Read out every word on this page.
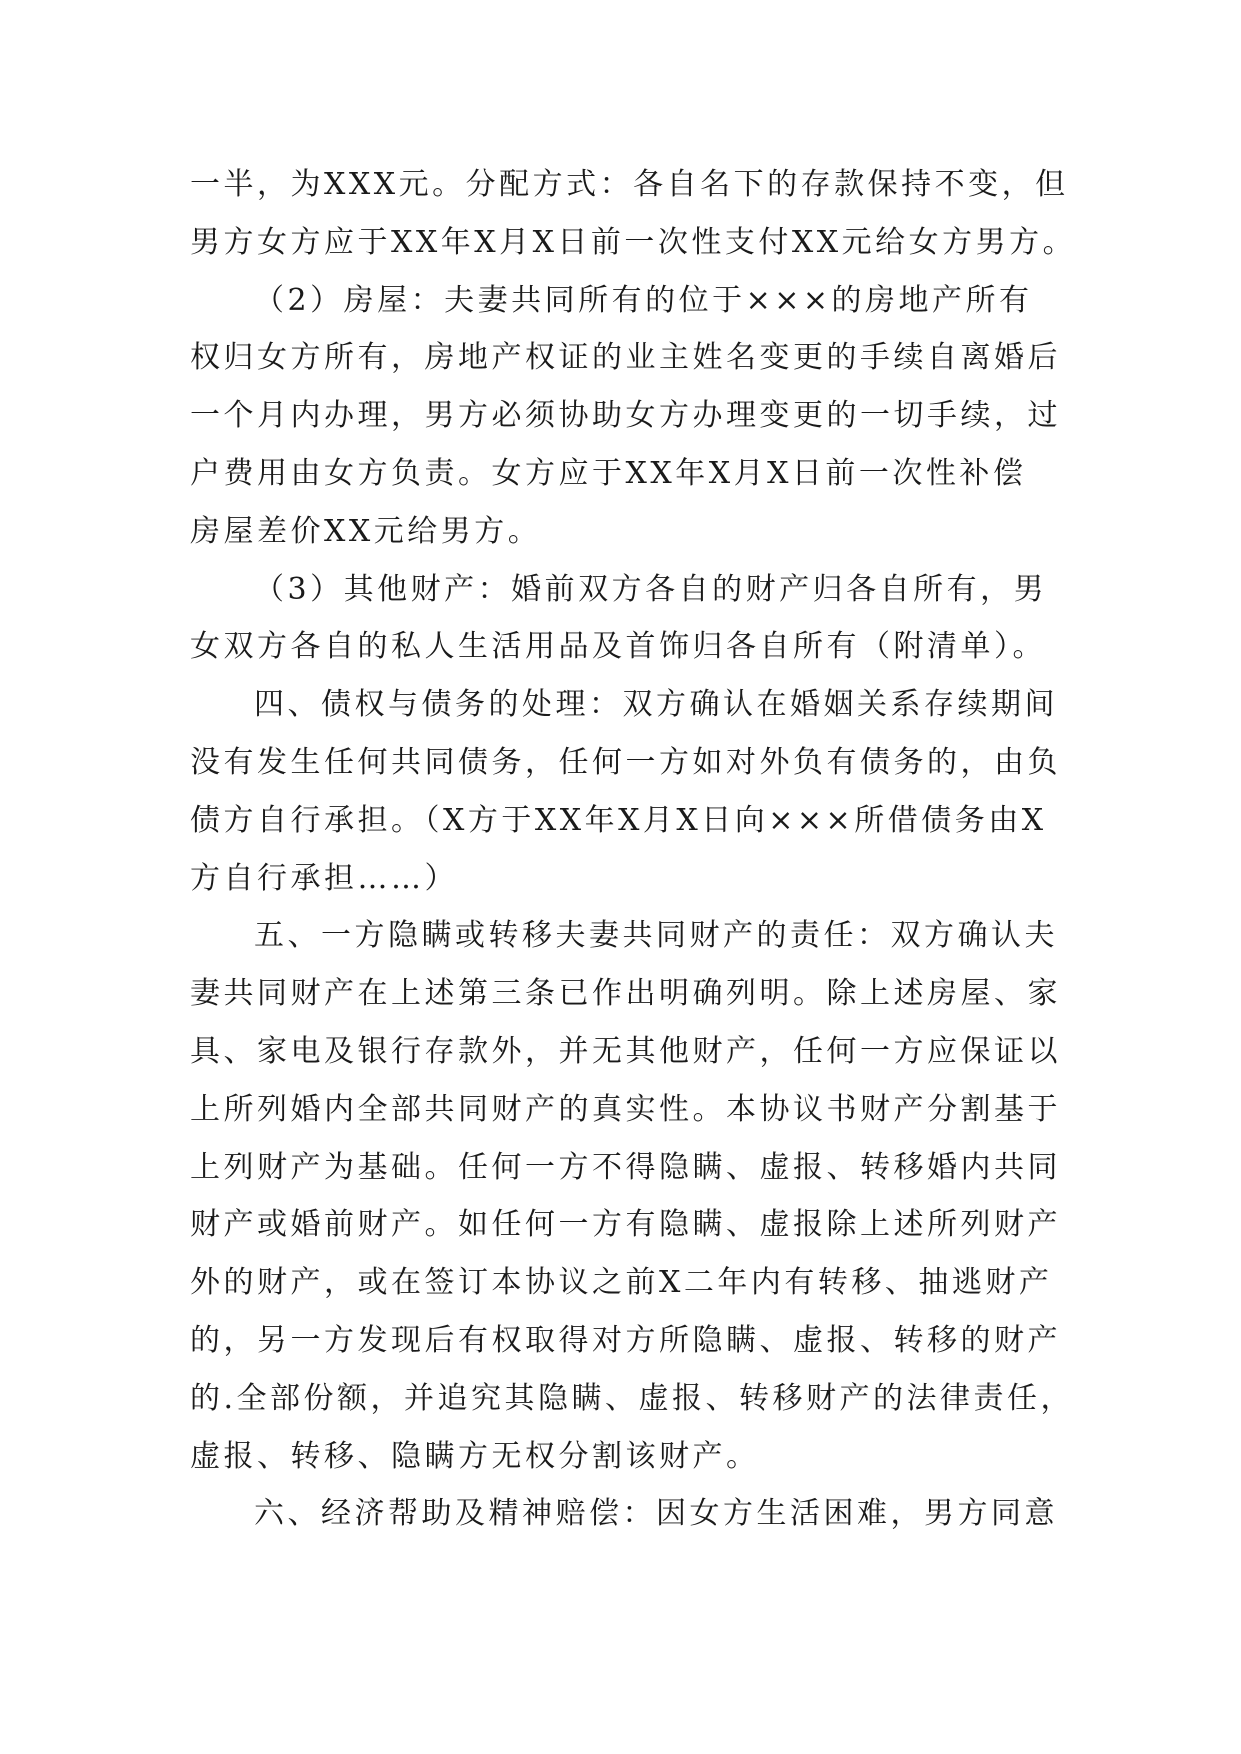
一半，为XXX元。分配方式：各自名下的存款保持不变，但
男方女方应于XX年X月X日前一次性支付XX元给女方男方。
（2）房屋：夫妻共同所有的位于×××的房地产所有
权归女方所有，房地产权证的业主姓名变更的手续自离婚后
一个月内办理，男方必须协助女方办理变更的一切手续，过
户费用由女方负责。女方应于XX年X月X日前一次性补偿
房屋差价XX元给男方。
（3）其他财产：婚前双方各自的财产归各自所有，男
女双方各自的私人生活用品及首饰归各自所有（附清单）。
四、债权与债务的处理：双方确认在婚姻关系存续期间
没有发生任何共同债务，任何一方如对外负有债务的，由负
债方自行承担。（X方于XX年X月X日向×××所借债务由X
方自行承担……）
五、一方隐瞒或转移夫妻共同财产的责任：双方确认夫
妻共同财产在上述第三条已作出明确列明。除上述房屋、家
具、家电及银行存款外，并无其他财产，任何一方应保证以
上所列婚内全部共同财产的真实性。本协议书财产分割基于
上列财产为基础。任何一方不得隐瞒、虚报、转移婚内共同
财产或婚前财产。如任何一方有隐瞒、虚报除上述所列财产
外的财产，或在签订本协议之前X二年内有转移、抽逃财产
的，另一方发现后有权取得对方所隐瞒、虚报、转移的财产
的.全部份额，并追究其隐瞒、虚报、转移财产的法律责任，
虚报、转移、隐瞒方无权分割该财产。
六、经济帮助及精神赔偿：因女方生活困难，男方同意
